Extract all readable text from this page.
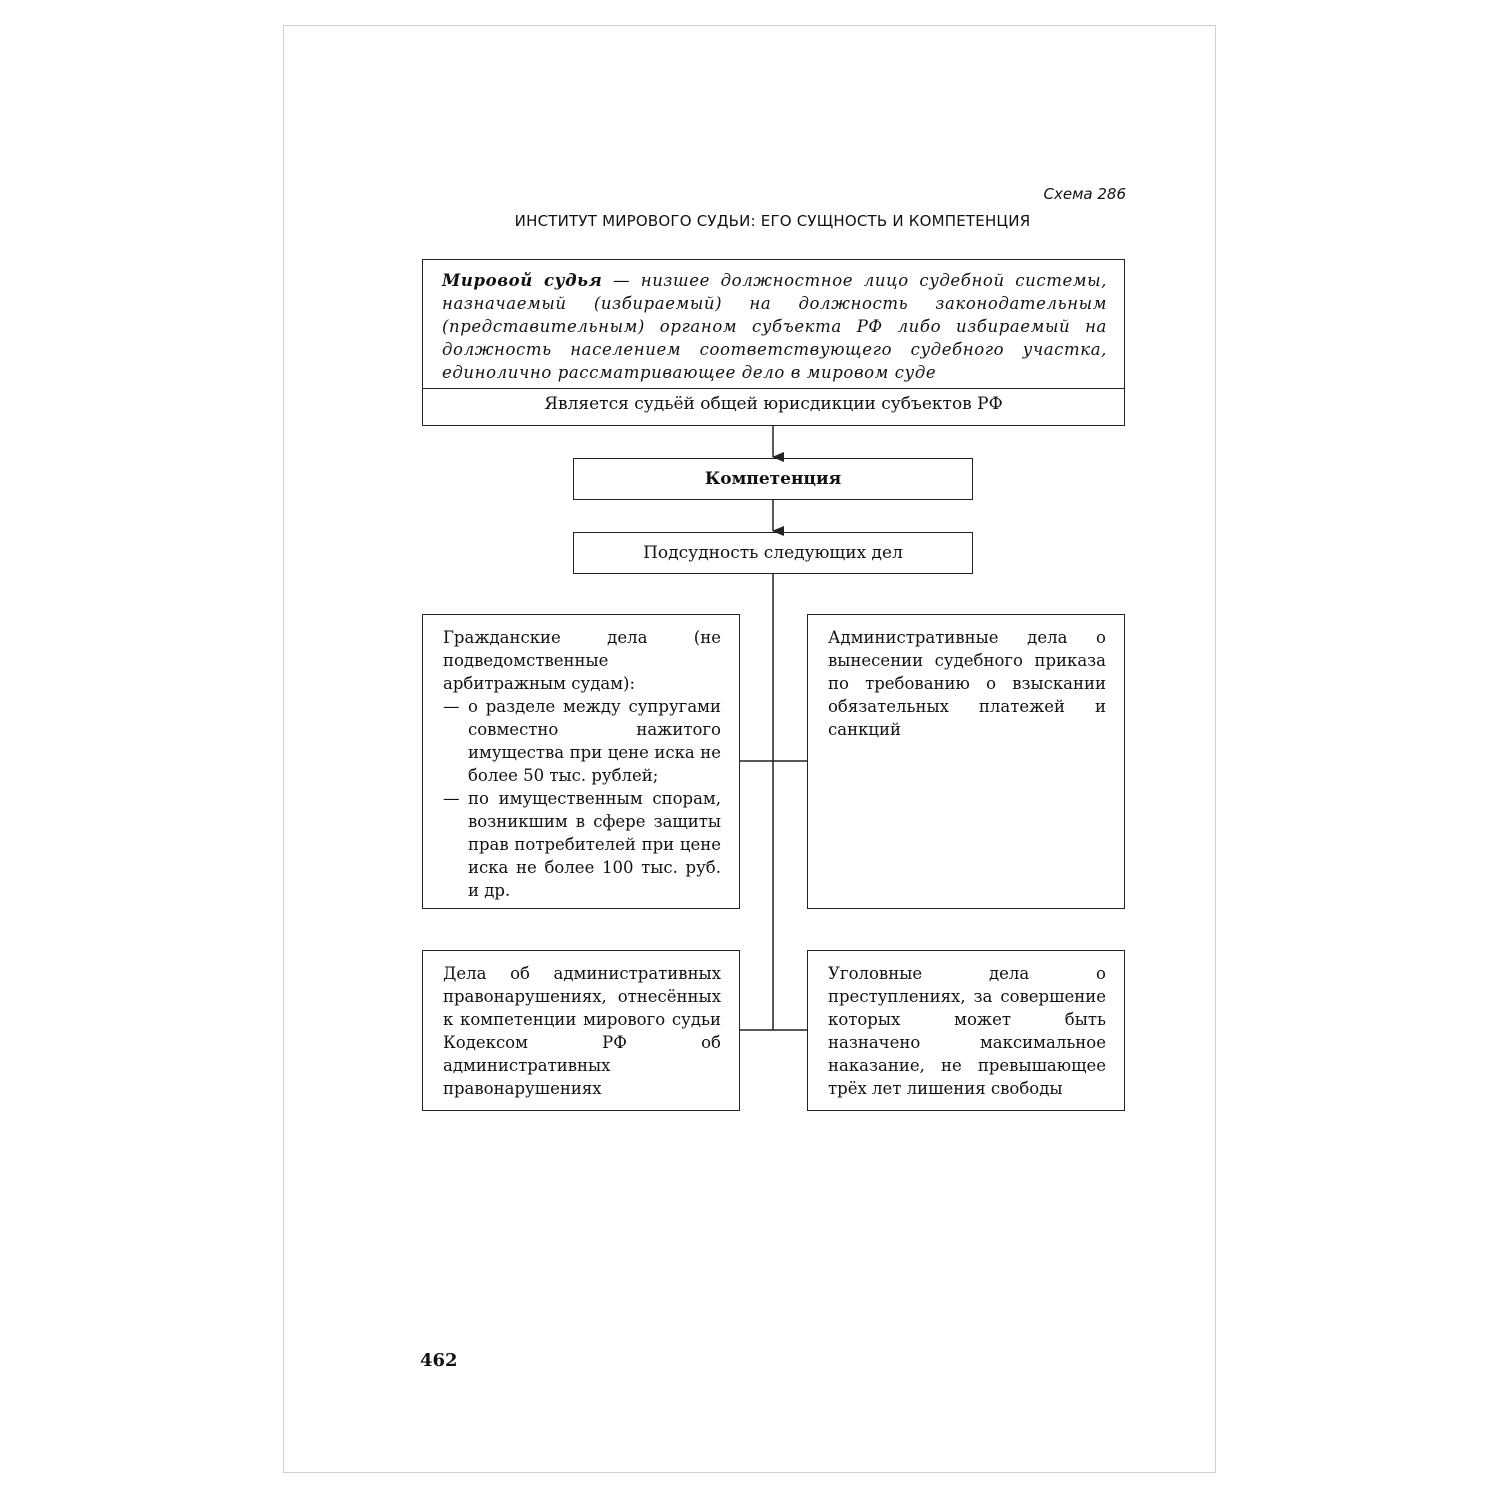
Схема 286
ИНСТИТУТ МИРОВОГО СУДЬИ: ЕГО СУЩНОСТЬ И КОМПЕТЕНЦИЯ
Мировой судья — низшее должностное лицо судебной системы, назначаемый (избираемый) на должность законодательным (представительным) органом субъекта РФ либо избираемый на должность населением соответствующего судебного участка, единолично рассматривающее дело в мировом суде
Является судьёй общей юрисдикции субъектов РФ
Компетенция
Подсудность следующих дел
Гражданские дела (не подведомственные арбитражным судам):
— о разделе между супругами совместно нажитого имущества при цене иска не более 50 тыс. рублей;
— по имущественным спорам, возникшим в сфере защиты прав потребителей при цене иска не более 100 тыс. руб. и др.
Административные дела о вынесении судебного приказа по требованию о взыскании обязательных платежей и санкций
Дела об административных правонарушениях, отнесённых к компетенции мирового судьи Кодексом РФ об административных правонарушениях
Уголовные дела о преступлениях, за совершение которых может быть назначено максимальное наказание, не превышающее трёх лет лишения свободы
462
